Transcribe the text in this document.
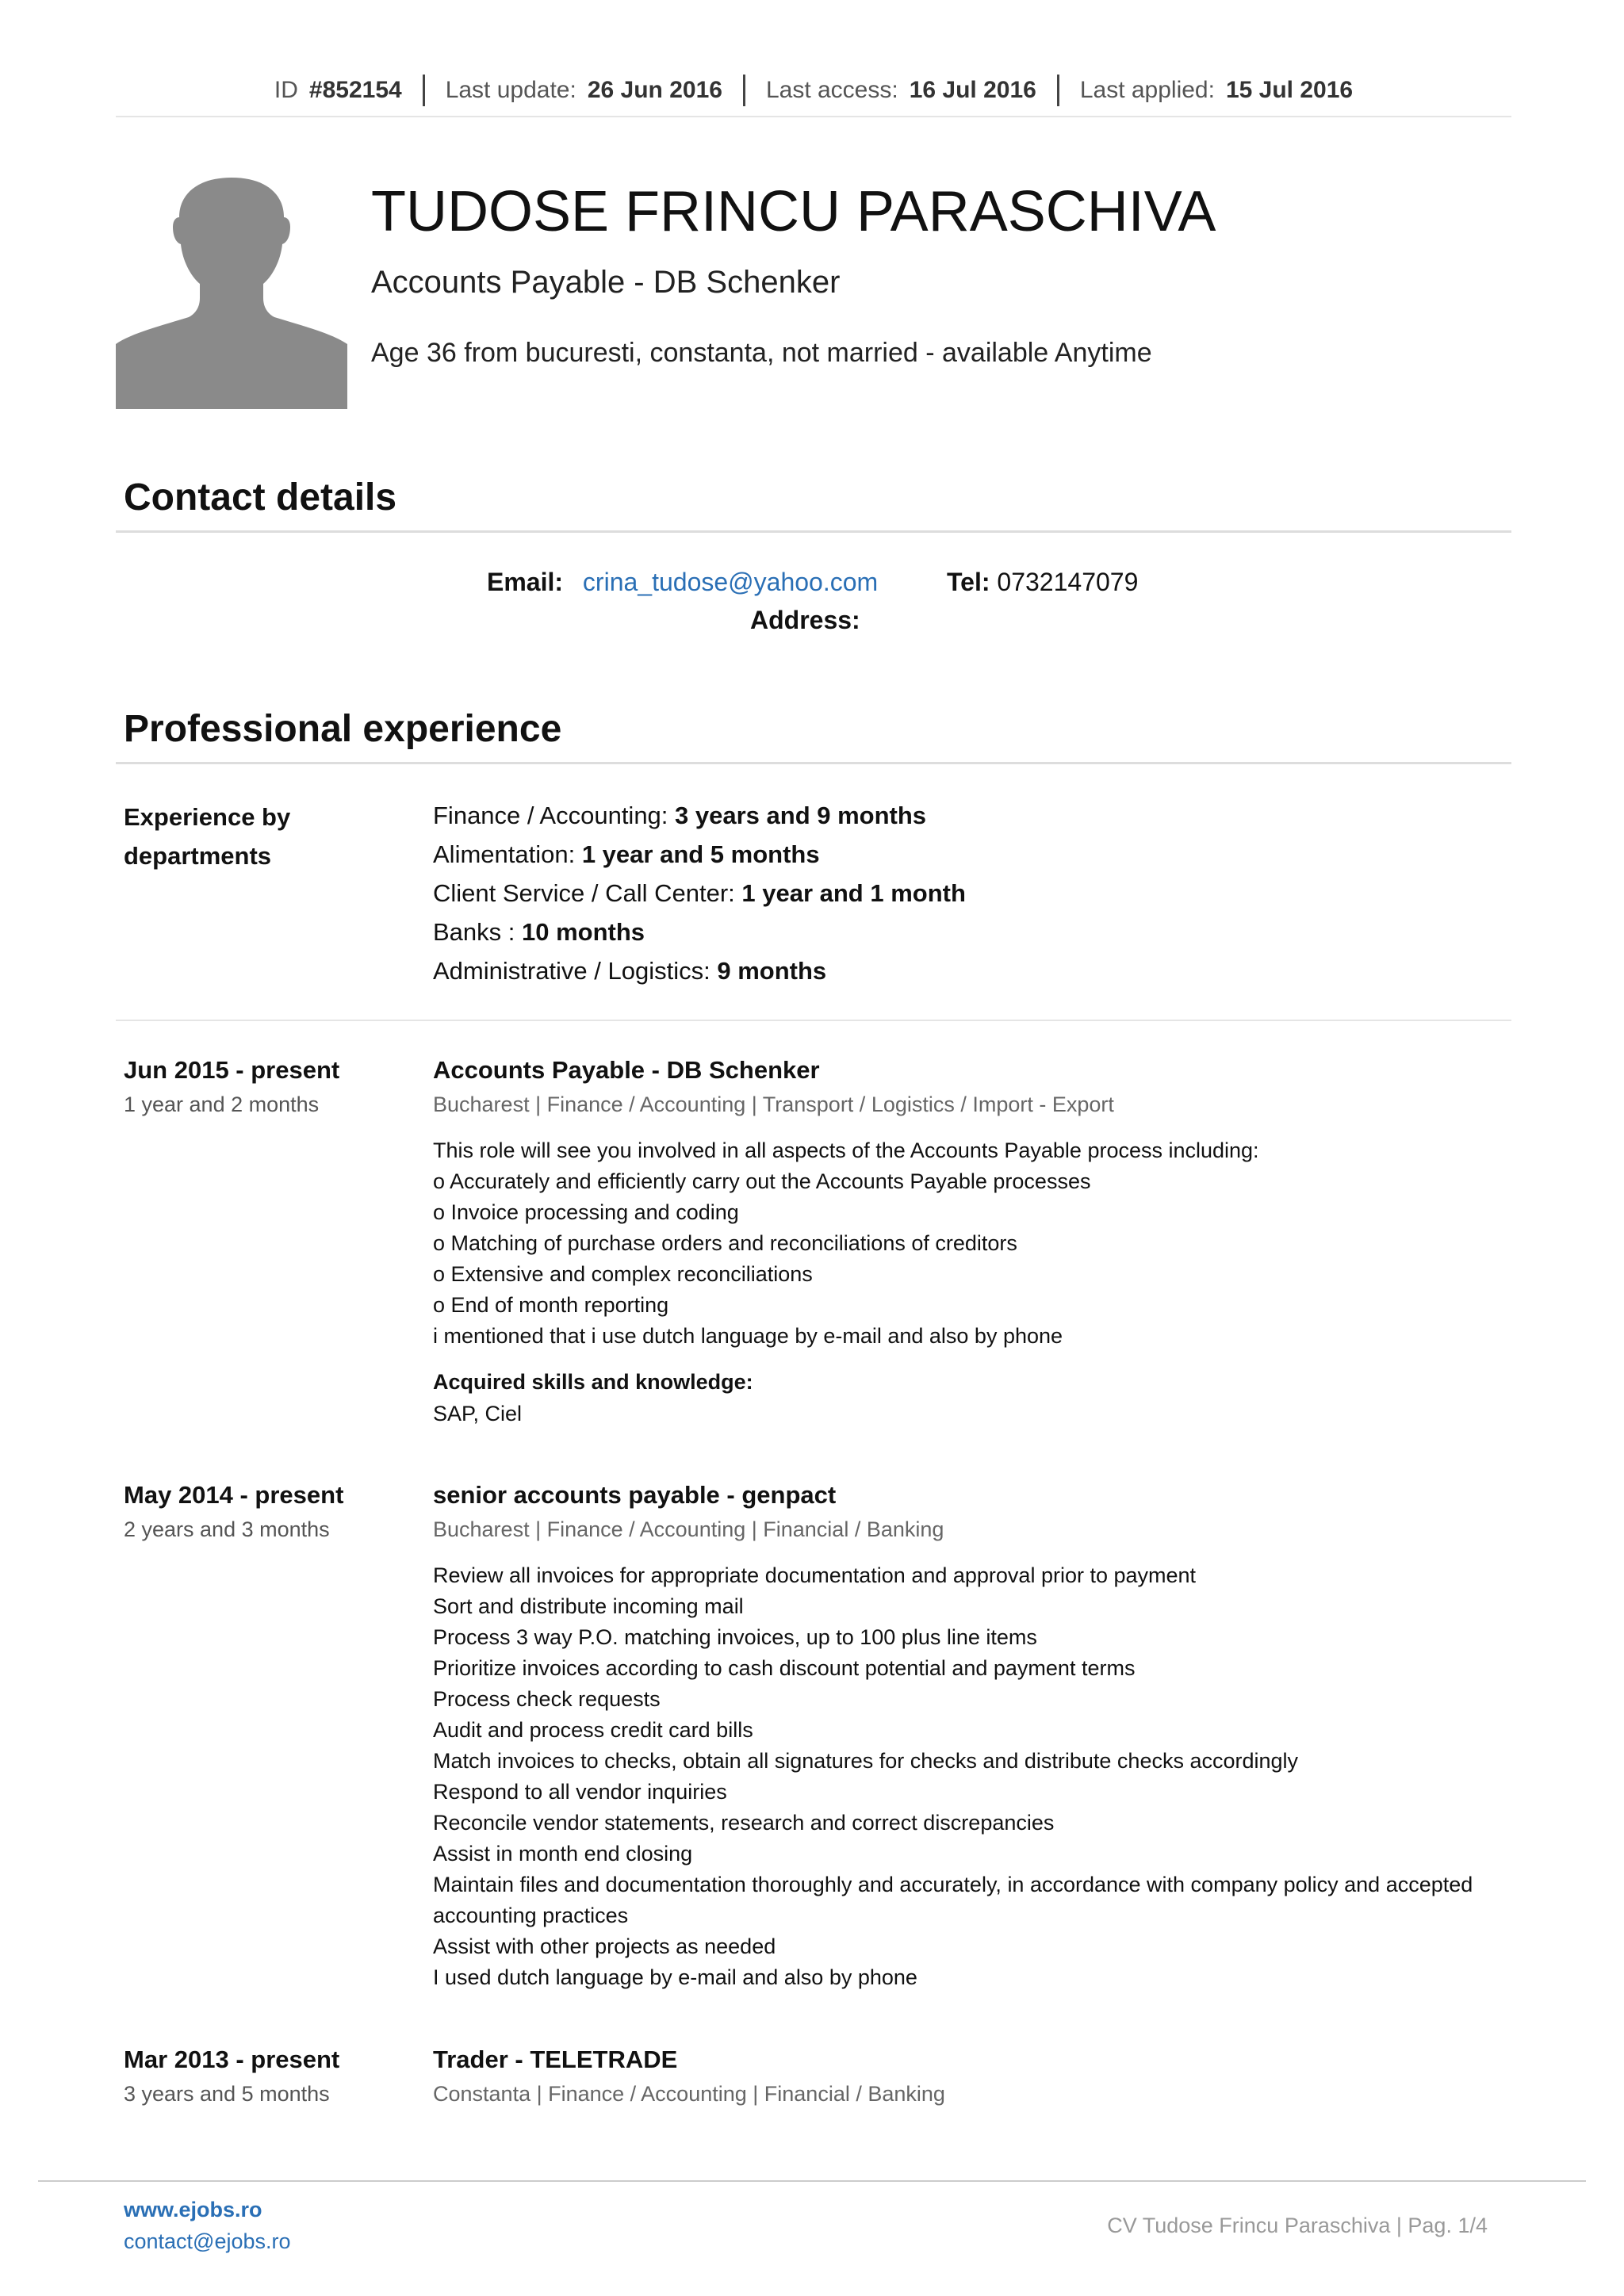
ID #852154 Last update: 26 Jun 2016 Last access: 16 Jul 2016 Last applied: 15 Jul 2016
TUDOSE FRINCU PARASCHIVA
Accounts Payable - DB Schenker
Age 36 from bucuresti, constanta, not married - available Anytime
Contact details
Email: crina_tudose@yahoo.com	Tel: 0732147079
Address:
Professional experience
Experience by departments
Finance / Accounting: 3 years and 9 months
Alimentation: 1 year and 5 months
Client Service / Call Center: 1 year and 1 month
Banks : 10 months
Administrative / Logistics: 9 months
Jun 2015 - present
1 year and 2 months
Accounts Payable - DB Schenker
Bucharest | Finance / Accounting | Transport / Logistics / Import - Export
This role will see you involved in all aspects of the Accounts Payable process including:
o Accurately and efficiently carry out the Accounts Payable processes
o Invoice processing and coding
o Matching of purchase orders and reconciliations of creditors
o Extensive and complex reconciliations
o End of month reporting
i mentioned that i use dutch language by e-mail and also by phone
Acquired skills and knowledge:
SAP, Ciel
May 2014 - present
2 years and 3 months
senior accounts payable - genpact
Bucharest | Finance / Accounting | Financial / Banking
Review all invoices for appropriate documentation and approval prior to payment
Sort and distribute incoming mail
Process 3 way P.O. matching invoices, up to 100 plus line items
Prioritize invoices according to cash discount potential and payment terms
Process check requests
Audit and process credit card bills
Match invoices to checks, obtain all signatures for checks and distribute checks accordingly
Respond to all vendor inquiries
Reconcile vendor statements, research and correct discrepancies
Assist in month end closing
Maintain files and documentation thoroughly and accurately, in accordance with company policy and accepted accounting practices
Assist with other projects as needed
I used dutch language by e-mail and also by phone
Mar 2013 - present
3 years and 5 months
Trader - TELETRADE
Constanta | Finance / Accounting | Financial / Banking
www.ejobs.ro
contact@ejobs.ro
CV Tudose Frincu Paraschiva | Pag. 1/4
